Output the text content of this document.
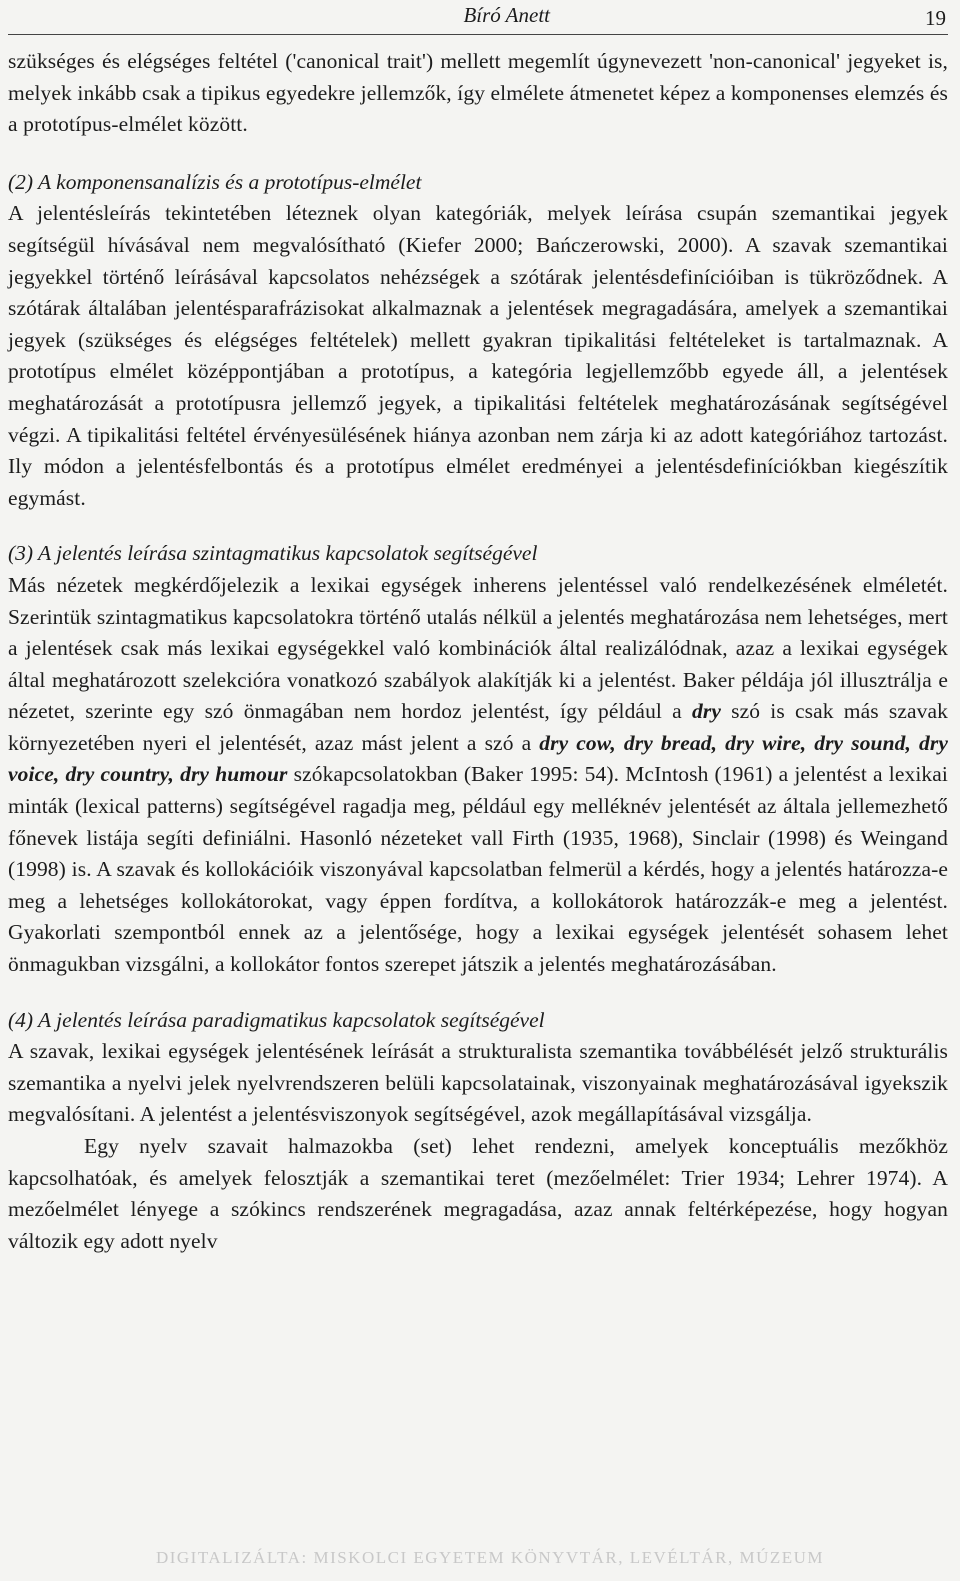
Bíró Anett	19

szükséges és elégséges feltétel ('canonical trait') mellett megemlít úgynevezett 'non-canonical' jegyeket is, melyek inkább csak a tipikus egyedekre jellemzők, így elmélete átmenetet képez a komponenses elemzés és a prototípus-elmélet között.

(2) A komponensanalízis és a prototípus-elmélet

A jelentésleírás tekintetében léteznek olyan kategóriák, melyek leírása csupán szemantikai jegyek segítségül hívásával nem megvalósítható (Kiefer 2000; Bańczerowski, 2000). A szavak szemantikai jegyekkel történő leírásával kapcsolatos nehézségek a szótárak jelentésdefinícióiban is tükröződnek. A szótárak általában jelentésparafrázisokat alkalmaznak a jelentések megragadására, amelyek a szemantikai jegyek (szükséges és elégséges feltételek) mellett gyakran tipikalitási feltételeket is tartalmaznak. A prototípus elmélet középpontjában a prototípus, a kategória legjellemzőbb egyede áll, a jelentések meghatározását a prototípusra jellemző jegyek, a tipikalitási feltételek meghatározásának segítségével végzi. A tipikalitási feltétel érvényesülésének hiánya azonban nem zárja ki az adott kategóriához tartozást. Ily módon a jelentésfelbontás és a prototípus elmélet eredményei a jelentésdefiníciókban kiegészítik egymást.

(3) A jelentés leírása szintagmatikus kapcsolatok segítségével

Más nézetek megkérdőjelezik a lexikai egységek inherens jelentéssel való rendelkezésének elméletét. Szerintük szintagmatikus kapcsolatokra történő utalás nélkül a jelentés meghatározása nem lehetséges, mert a jelentések csak más lexikai egységekkel való kombinációk által realizálódnak, azaz a lexikai egységek által meghatározott szelekcióra vonatkozó szabályok alakítják ki a jelentést. Baker példája jól illusztrálja e nézetet, szerinte egy szó önmagában nem hordoz jelentést, így például a dry szó is csak más szavak környezetében nyeri el jelentését, azaz mást jelent a szó a dry cow, dry bread, dry wire, dry sound, dry voice, dry country, dry humour szókapcsolatokban (Baker 1995: 54). McIntosh (1961) a jelentést a lexikai minták (lexical patterns) segítségével ragadja meg, például egy melléknév jelentését az általa jellemezhető főnevek listája segíti definiálni. Hasonló nézeteket vall Firth (1935, 1968), Sinclair (1998) és Weingand (1998) is. A szavak és kollokációik viszonyával kapcsolatban felmerül a kérdés, hogy a jelentés határozza-e meg a lehetséges kollokátorokat, vagy éppen fordítva, a kollokátorok határozzák-e meg a jelentést. Gyakorlati szempontból ennek az a jelentősége, hogy a lexikai egységek jelentését sohasem lehet önmagukban vizsgálni, a kollokátor fontos szerepet játszik a jelentés meghatározásában.

(4) A jelentés leírása paradigmatikus kapcsolatok segítségével

A szavak, lexikai egységek jelentésének leírását a strukturalista szemantika továbbélését jelző strukturális szemantika a nyelvi jelek nyelvrendszeren belüli kapcsolatainak, viszonyainak meghatározásával igyekszik megvalósítani. A jelentést a jelentésviszonyok segítségével, azok megállapításával vizsgálja.

Egy nyelv szavait halmazokba (set) lehet rendezni, amelyek konceptuális mezőkhöz kapcsolhatóak, és amelyek felosztják a szemantikai teret (mezőelmélet: Trier 1934; Lehrer 1974). A mezőelmélet lényege a szókincs rendszerének megragadása, azaz annak feltérképezése, hogy hogyan változik egy adott nyelv

DIGITALIZÁLTA: MISKOLCI EGYETEM KÖNYVTÁR, LEVÉLTÁR, MÚZEUM
